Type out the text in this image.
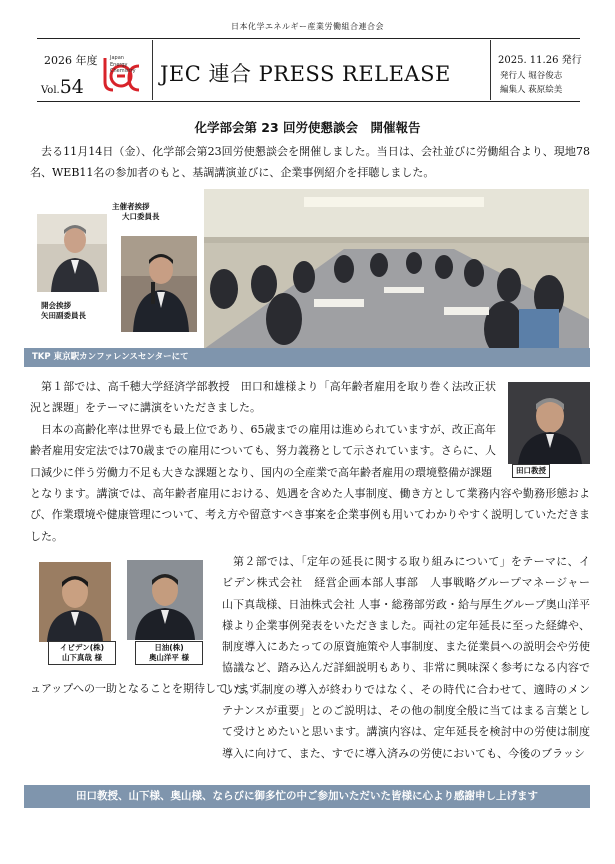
日本化学エネルギー産業労働組合連合会
2026 年度
Vol.54
Japan
Energy
Chemistry JEC 連合 PRESS RELEASE
2025. 11.26 発行
発行人 堀谷俊志
編集人 萩原絵美
化学部会第 23 回労使懇談会　開催報告

去る11月14日（金）、化学部会第23回労使懇談会を開催しました。当日は、会社並びに労働組合より、現地78名、WEB11名の参加者のもと、基調講演並びに、企業事例紹介を拝聴しました。

主催者挨拶
大口委員長
開会挨拶
矢田副委員長
TKP 東京駅カンファレンスセンターにて

第１部では、高千穂大学経済学部教授　田口和雄様より「高年齢者雇用を取り巻く法改正状況と課題」をテーマに講演をいただきました。

日本の高齢化率は世界でも最上位であり、65歳までの雇用は進められていますが、改正高年齢者雇用安定法では70歳までの雇用についても、努力義務として示されています。さらに、人口減少に伴う労働力不足も大きな課題となり、国内の全産業で高年齢者雇用の環境整備が課題

となります。講演では、高年齢者雇用における、処遇を含めた人事制度、働き方として業務内容や勤務形態および、作業環境や健康管理について、考え方や留意すべき事案を企業事例も用いてわかりやすく説明していただきました。
田口教授
イビデン(株)
山下真哉 様
日油(株)
奥山洋平 様

第２部では、「定年の延長に関する取り組みについて」をテーマに、イビデン株式会社　経営企画本部人事部　人事戦略グループマネージャー　山下真哉様、日油株式会社 人事・総務部労政・給与厚生グループ奥山洋平様より企業事例発表をいただきました。両社の定年延長に至った経緯や、制度導入にあたっての原資施策や人事制度、また従業員への説明会や労使協議など、踏み込んだ詳細説明もあり、非常に興味深く参考になる内容でした。「制度の導入が終わりではなく、その時代に合わせて、適時のメンテナンスが重要」とのご説明は、その他の制度全般に当てはまる言葉として受けとめたいと思います。講演内容は、定年延長を検討中の労使は制度導入に向けて、また、すでに導入済みの労使においても、今後のブラッシ

田口教授、山下様、奥山様、ならびに御多忙の中ご参加いただいた皆様に心より感謝申し上げます
ュアップへの一助となることを期待しています。
